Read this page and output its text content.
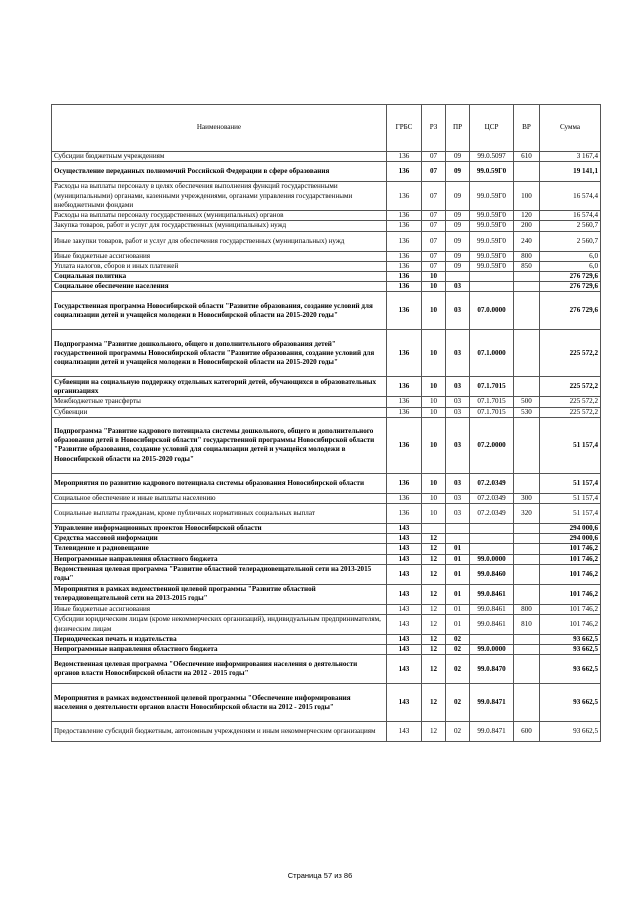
Наименование	ГРБС	РЗ	ПР	ЦСР	ВР	Сумма
Субсидии бюджетным учреждениям	136	07	09	99.0.5097	610	3 167,4
Осуществление переданных полномочий Российской Федерации в сфере образования	136	07	09	99.0.59Г0		19 141,1
Расходы на выплаты персоналу в целях обеспечения выполнения функций государственными (муниципальными) органами, казенными учреждениями, органами управления государственными внебюджетными фондами	136	07	09	99.0.59Г0	100	16 574,4
Расходы на выплаты персоналу государственных (муниципальных) органов	136	07	09	99.0.59Г0	120	16 574,4
Закупка товаров, работ и услуг для государственных (муниципальных) нужд	136	07	09	99.0.59Г0	200	2 560,7
Иные закупки товаров, работ и услуг для обеспечения государственных (муниципальных) нужд	136	07	09	99.0.59Г0	240	2 560,7
Иные бюджетные ассигнования	136	07	09	99.0.59Г0	800	6,0
Уплата налогов, сборов и иных платежей	136	07	09	99.0.59Г0	850	6,0
Социальная политика	136	10				276 729,6
Социальное обеспечение населения	136	10	03			276 729,6
Государственная программа Новосибирской области "Развитие образования, создание условий для социализации детей и учащейся молодежи в Новосибирской области на 2015-2020 годы"	136	10	03	07.0.0000		276 729,6
Подпрограмма "Развитие дошкольного, общего и дополнительного образования детей" государственной программы Новосибирской области "Развитие образования, создание условий для социализации детей и учащейся молодежи в Новосибирской области на 2015-2020 годы"	136	10	03	07.1.0000		225 572,2
Субвенции на социальную поддержку отдельных категорий детей, обучающихся в образовательных организациях	136	10	03	07.1.7015		225 572,2
Межбюджетные трансферты	136	10	03	07.1.7015	500	225 572,2
Субвенции	136	10	03	07.1.7015	530	225 572,2
Подпрограмма "Развитие кадрового потенциала системы дошкольного, общего и дополнительного образования детей в Новосибирской области" государственной программы Новосибирской области "Развитие образования, создание условий для социализации детей и учащейся молодежи в Новосибирской области на 2015-2020 годы"	136	10	03	07.2.0000		51 157,4
Мероприятия по развитию кадрового потенциала системы образования Новосибирской области	136	10	03	07.2.0349		51 157,4
Социальное обеспечение и иные выплаты населению	136	10	03	07.2.0349	300	51 157,4
Социальные выплаты гражданам, кроме публичных нормативных социальных выплат	136	10	03	07.2.0349	320	51 157,4
Управление информационных проектов Новосибирской области	143					294 000,6
Средства массовой информации	143	12				294 000,6
Телевидение и радиовещание	143	12	01			101 746,2
Непрограммные направления областного бюджета	143	12	01	99.0.0000		101 746,2
Ведомственная целевая программа "Развитие областной телерадиовещательной сети на 2013-2015 годы"	143	12	01	99.0.8460		101 746,2
Мероприятия в рамках ведомственной целевой программы "Развитие областной телерадиовещательной сети на 2013-2015 годы"	143	12	01	99.0.8461		101 746,2
Иные бюджетные ассигнования	143	12	01	99.0.8461	800	101 746,2
Субсидии юридическим лицам (кроме некоммерческих организаций), индивидуальным предпринимателям, физическим лицам	143	12	01	99.0.8461	810	101 746,2
Периодическая печать и издательства	143	12	02			93 662,5
Непрограммные направления областного бюджета	143	12	02	99.0.0000		93 662,5
Ведомственная целевая программа "Обеспечение информирования населения о деятельности органов власти Новосибирской области на 2012 - 2015 годы"	143	12	02	99.0.8470		93 662,5
Мероприятия в рамках ведомственной целевой программы "Обеспечение информирования населения о деятельности органов власти Новосибирской области на 2012 - 2015 годы"	143	12	02	99.0.8471		93 662,5
Предоставление субсидий бюджетным, автономным учреждениям и иным некоммерческим организациям	143	12	02	99.0.8471	600	93 662,5
Страница 57 из 86
